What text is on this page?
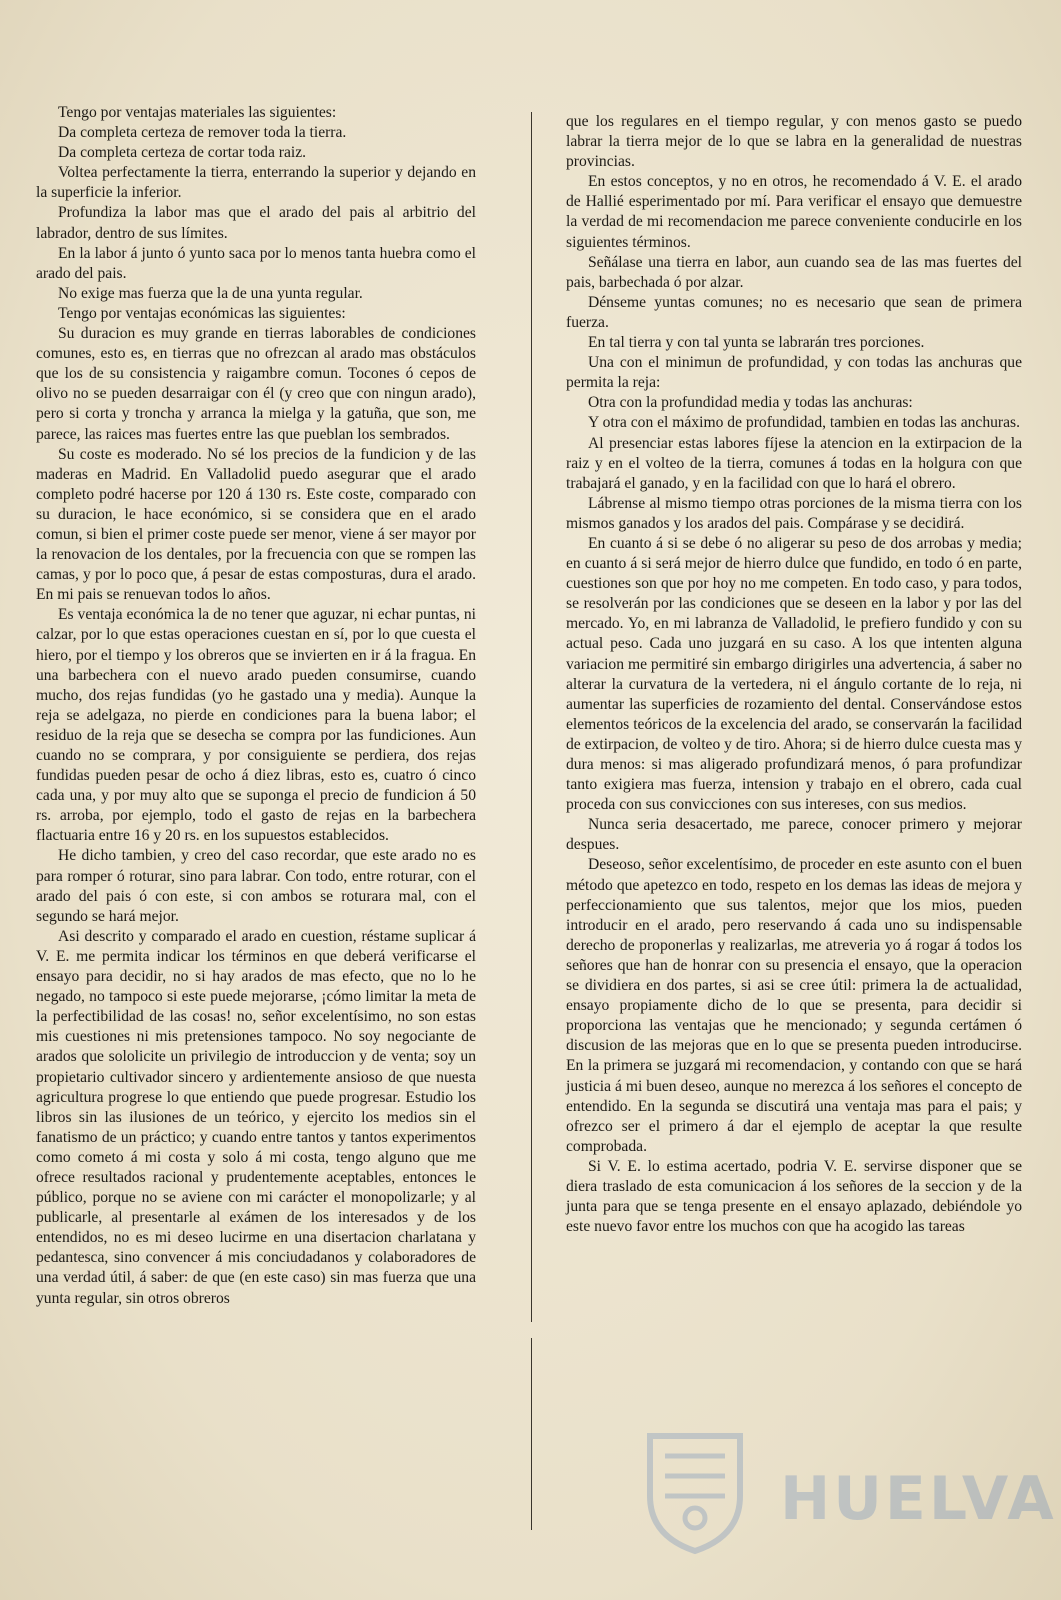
Tengo por ventajas materiales las siguientes:

Da completa certeza de remover toda la tierra.

Da completa certeza de cortar toda raiz.

Voltea perfectamente la tierra, enterrando la superior y dejando en la superficie la inferior.

Profundiza la labor mas que el arado del pais al arbitrio del labrador, dentro de sus límites.

En la labor á junto ó yunto saca por lo menos tanta huebra como el arado del pais.

No exige mas fuerza que la de una yunta regular.

Tengo por ventajas económicas las siguientes:

Su duracion es muy grande en tierras laborables de condiciones comunes, esto es, en tierras que no ofrezcan al arado mas obstáculos que los de su consistencia y raigambre comun. Tocones ó cepos de olivo no se pueden desarraigar con él (y creo que con ningun arado), pero si corta y troncha y arranca la mielga y la gatuña, que son, me parece, las raices mas fuertes entre las que pueblan los sembrados.

Su coste es moderado. No sé los precios de la fundicion y de las maderas en Madrid. En Valladolid puedo asegurar que el arado completo podré hacerse por 120 á 130 rs. Este coste, comparado con su duracion, le hace económico, si se considera que en el arado comun, si bien el primer coste puede ser menor, viene á ser mayor por la renovacion de los dentales, por la frecuencia con que se rompen las camas, y por lo poco que, á pesar de estas composturas, dura el arado. En mi pais se renuevan todos lo años.

Es ventaja económica la de no tener que aguzar, ni echar puntas, ni calzar, por lo que estas operaciones cuestan en sí, por lo que cuesta el hiero, por el tiempo y los obreros que se invierten en ir á la fragua. En una barbechera con el nuevo arado pueden consumirse, cuando mucho, dos rejas fundidas (yo he gastado una y media). Aunque la reja se adelgaza, no pierde en condiciones para la buena labor; el residuo de la reja que se desecha se compra por las fundiciones. Aun cuando no se comprara, y por consiguiente se perdiera, dos rejas fundidas pueden pesar de ocho á diez libras, esto es, cuatro ó cinco cada una, y por muy alto que se suponga el precio de fundicion á 50 rs. arroba, por ejemplo, todo el gasto de rejas en la barbechera flactuaria entre 16 y 20 rs. en los supuestos establecidos.

He dicho tambien, y creo del caso recordar, que este arado no es para romper ó roturar, sino para labrar. Con todo, entre roturar, con el arado del pais ó con este, si con ambos se roturara mal, con el segundo se hará mejor.

Asi descrito y comparado el arado en cuestion, réstame suplicar á V. E. me permita indicar los términos en que deberá verificarse el ensayo para decidir, no si hay arados de mas efecto, que no lo he negado, no tampoco si este puede mejorarse, ¡cómo limitar la meta de la perfectibilidad de las cosas! no, señor excelentísimo, no son estas mis cuestiones ni mis pretensiones tampoco. No soy negociante de arados que sololicite un privilegio de introduccion y de venta; soy un propietario cultivador sincero y ardientemente ansioso de que nuesta agricultura progrese lo que entiendo que puede progresar. Estudio los libros sin las ilusiones de un teórico, y ejercito los medios sin el fanatismo de un práctico; y cuando entre tantos y tantos experimentos como cometo á mi costa y solo á mi costa, tengo alguno que me ofrece resultados racional y prudentemente aceptables, entonces le público, porque no se aviene con mi carácter el monopolizarle; y al publicarle, al presentarle al exámen de los interesados y de los entendidos, no es mi deseo lucirme en una disertacion charlatana y pedantesca, sino convencer á mis conciudadanos y colaboradores de una verdad útil, á saber: de que (en este caso) sin mas fuerza que una yunta regular, sin otros obreros

que los regulares en el tiempo regular, y con menos gasto se puedo labrar la tierra mejor de lo que se labra en la generalidad de nuestras provincias.

En estos conceptos, y no en otros, he recomendado á V. E. el arado de Hallié esperimentado por mí. Para verificar el ensayo que demuestre la verdad de mi recomendacion me parece conveniente conducirle en los siguientes términos.

Señálase una tierra en labor, aun cuando sea de las mas fuertes del pais, barbechada ó por alzar.

Dénseme yuntas comunes; no es necesario que sean de primera fuerza.

En tal tierra y con tal yunta se labrarán tres porciones.

Una con el minimun de profundidad, y con todas las anchuras que permita la reja:

Otra con la profundidad media y todas las anchuras:

Y otra con el máximo de profundidad, tambien en todas las anchuras.

Al presenciar estas labores fíjese la atencion en la extirpacion de la raiz y en el volteo de la tierra, comunes á todas en la holgura con que trabajará el ganado, y en la facilidad con que lo hará el obrero.

Lábrense al mismo tiempo otras porciones de la misma tierra con los mismos ganados y los arados del pais. Compárase y se decidirá.

En cuanto á si se debe ó no aligerar su peso de dos arrobas y media; en cuanto á si será mejor de hierro dulce que fundido, en todo ó en parte, cuestiones son que por hoy no me competen. En todo caso, y para todos, se resolverán por las condiciones que se deseen en la labor y por las del mercado. Yo, en mi labranza de Valladolid, le prefiero fundido y con su actual peso. Cada uno juzgará en su caso. A los que intenten alguna variacion me permitiré sin embargo dirigirles una advertencia, á saber no alterar la curvatura de la vertedera, ni el ángulo cortante de lo reja, ni aumentar las superficies de rozamiento del dental. Conservándose estos elementos teóricos de la excelencia del arado, se conservarán la facilidad de extirpacion, de volteo y de tiro. Ahora; si de hierro dulce cuesta mas y dura menos: si mas aligerado profundizará menos, ó para profundizar tanto exigiera mas fuerza, intension y trabajo en el obrero, cada cual proceda con sus convicciones con sus intereses, con sus medios.

Nunca seria desacertado, me parece, conocer primero y mejorar despues.

Deseoso, señor excelentísimo, de proceder en este asunto con el buen método que apetezco en todo, respeto en los demas las ideas de mejora y perfeccionamiento que sus talentos, mejor que los mios, pueden introducir en el arado, pero reservando á cada uno su indispensable derecho de proponerlas y realizarlas, me atreveria yo á rogar á todos los señores que han de honrar con su presencia el ensayo, que la operacion se dividiera en dos partes, si asi se cree útil: primera la de actualidad, ensayo propiamente dicho de lo que se presenta, para decidir si proporciona las ventajas que he mencionado; y segunda certámen ó discusion de las mejoras que en lo que se presenta pueden introducirse. En la primera se juzgará mi recomendacion, y contando con que se hará justicia á mi buen deseo, aunque no merezca á los señores el concepto de entendido. En la segunda se discutirá una ventaja mas para el pais; y ofrezco ser el primero á dar el ejemplo de aceptar la que resulte comprobada.

Si V. E. lo estima acertado, podria V. E. servirse disponer que se diera traslado de esta comunicacion á los señores de la seccion y de la junta para que se tenga presente en el ensayo aplazado, debiéndole yo este nuevo favor entre los muchos con que ha acogido las tareas

HUELVA
